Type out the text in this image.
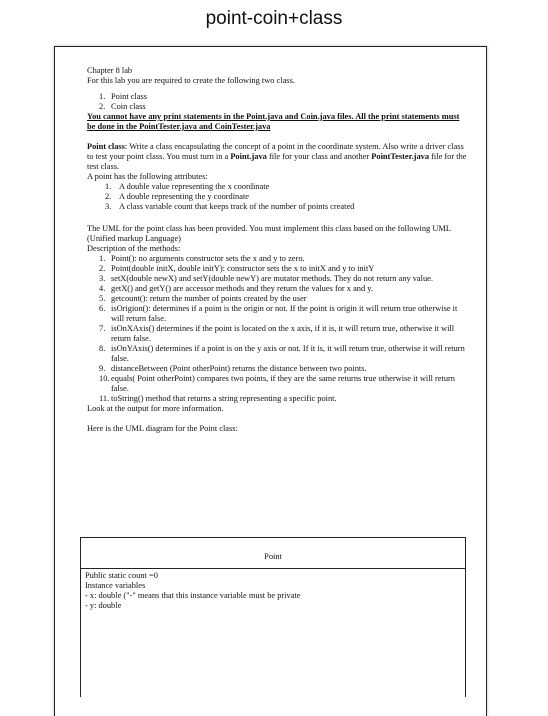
point-coin+class

Chapter 8 lab

For this lab you are required to create the following two class.

1. Point class

2. Coin class

You cannot have any print statements in the Point.java and Coin.java files. All the print statements must be done in the PointTester.java and CoinTester.java

Point class: Write a class encapsulating the concept of a point in the coordinate system. Also write a driver class to test your point class. You must turn in a Point.java file for your class and another PointTester.java file for the test class.

A point has the following attributes:

1. A double value representing the x coordinate

2. A double representing the y coordinate

3. A class variable count that keeps track of the number of points created

The UML for the point class has been provided. You must implement this class based on the following UML (Unified markup Language)

Description of the methods:

1. Point(): no arguments constructor sets the x and y to zero.

2. Point(double initX, double initY): constructor sets the x to initX and y to initY

3. setX(double newX) and setY(double newY) are mutator methods. They do not return any value.

4. getX() and getY() are accessor methods and they return the values for x and y.

5. getcount(): return the number of points created by the user

6. isOrigion(): determines if a point is the origin or not. If the point is origin it will return true otherwise it will return false.

7. isOnXAxis() determines if the point is located on the x axis, if it is, it will return true, otherwise it will return false.

8. isOnYAxis() determines if a point is on the y axis or not. If it is, it will return true, otherwise it will return false.

9. distanceBetween (Point otherPoint) returns the distance between two points.

10. equals( Point otherPoint) compares two points, if they are the same returns true otherwise it will return false.

11. toString() method that returns a string representing a specific point.

Look at the output for more information.

Here is the UML diagram for the Point class:

Point

Public static count =0

Instance variables

- x: double ("-" means that this instance variable must be private

- y: double
